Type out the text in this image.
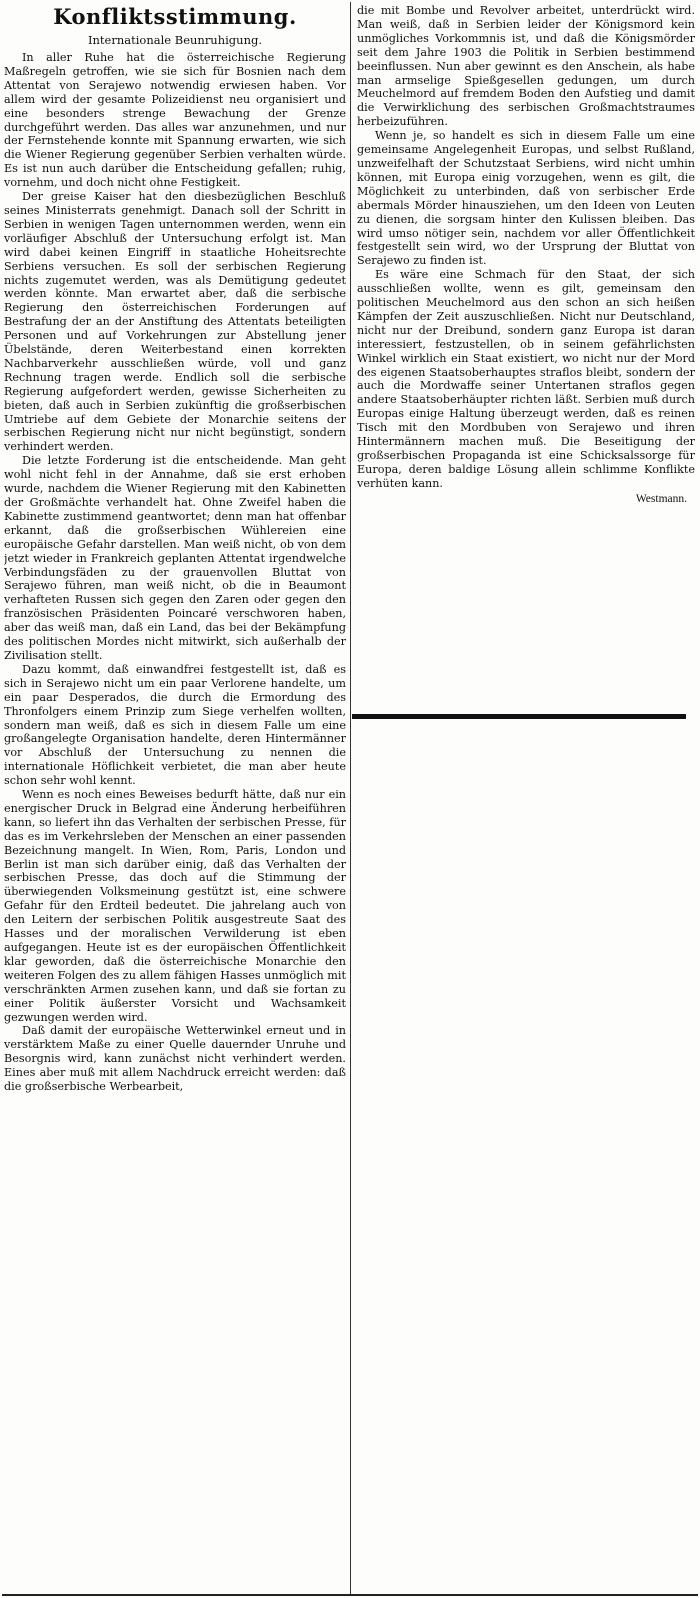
Konfliktsstimmung.
Internationale Beunruhigung.

In aller Ruhe hat die österreichische Regierung Maßregeln getroffen, wie sie sich für Bosnien nach dem Attentat von Serajewo notwendig erwiesen haben. Vor allem wird der gesamte Polizeidienst neu organisiert und eine besonders strenge Bewachung der Grenze durchgeführt werden. Das alles war anzunehmen, und nur der Fernstehende konnte mit Spannung erwarten, wie sich die Wiener Regierung gegenüber Serbien verhalten würde. Es ist nun auch darüber die Entscheidung gefallen; ruhig, vornehm, und doch nicht ohne Festigkeit.

Der greise Kaiser hat den diesbezüglichen Beschluß seines Ministerrats genehmigt. Danach soll der Schritt in Serbien in wenigen Tagen unternommen werden, wenn ein vorläufiger Abschluß der Untersuchung erfolgt ist. Man wird dabei keinen Eingriff in staatliche Hoheitsrechte Serbiens versuchen. Es soll der serbischen Regierung nichts zugemutet werden, was als Demütigung gedeutet werden könnte. Man erwartet aber, daß die serbische Regierung den österreichischen Forderungen auf Bestrafung der an der Anstiftung des Attentats beteiligten Personen und auf Vorkehrungen zur Abstellung jener Übelstände, deren Weiterbestand einen korrekten Nachbarverkehr ausschließen würde, voll und ganz Rechnung tragen werde. Endlich soll die serbische Regierung aufgefordert werden, gewisse Sicherheiten zu bieten, daß auch in Serbien zukünftig die großserbischen Umtriebe auf dem Gebiete der Monarchie seitens der serbischen Regierung nicht nur nicht begünstigt, sondern verhindert werden.

Die letzte Forderung ist die entscheidende. Man geht wohl nicht fehl in der Annahme, daß sie erst erhoben wurde, nachdem die Wiener Regierung mit den Kabinetten der Großmächte verhandelt hat. Ohne Zweifel haben die Kabinette zustimmend geantwortet; denn man hat offenbar erkannt, daß die großserbischen Wühlereien eine europäische Gefahr darstellen. Man weiß nicht, ob von dem jetzt wieder in Frankreich geplanten Attentat irgendwelche Verbindungsfäden zu der grauenvollen Bluttat von Serajewo führen, man weiß nicht, ob die in Beaumont verhafteten Russen sich gegen den Zaren oder gegen den französischen Präsidenten Poincaré verschworen haben, aber das weiß man, daß ein Land, das bei der Bekämpfung des politischen Mordes nicht mitwirkt, sich außerhalb der Zivilisation stellt.

Dazu kommt, daß einwandfrei festgestellt ist, daß es sich in Serajewo nicht um ein paar Verlorene handelte, um ein paar Desperados, die durch die Ermordung des Thronfolgers einem Prinzip zum Siege verhelfen wollten, sondern man weiß, daß es sich in diesem Falle um eine großangelegte Organisation handelte, deren Hintermänner vor Abschluß der Untersuchung zu nennen die internationale Höflichkeit verbietet, die man aber heute schon sehr wohl kennt.

Wenn es noch eines Beweises bedurft hätte, daß nur ein energischer Druck in Belgrad eine Änderung herbeiführen kann, so liefert ihn das Verhalten der serbischen Presse, für das es im Verkehrsleben der Menschen an einer passenden Bezeichnung mangelt. In Wien, Rom, Paris, London und Berlin ist man sich darüber einig, daß das Verhalten der serbischen Presse, das doch auf die Stimmung der überwiegenden Volksmeinung gestützt ist, eine schwere Gefahr für den Erdteil bedeutet. Die jahrelang auch von den Leitern der serbischen Politik ausgestreute Saat des Hasses und der moralischen Verwilderung ist eben aufgegangen. Heute ist es der europäischen Öffentlichkeit klar geworden, daß die österreichische Monarchie den weiteren Folgen des zu allem fähigen Hasses unmöglich mit verschränkten Armen zusehen kann, und daß sie fortan zu einer Politik äußerster Vorsicht und Wachsamkeit gezwungen werden wird.

Daß damit der europäische Wetterwinkel erneut und in verstärktem Maße zu einer Quelle dauernder Unruhe und Besorgnis wird, kann zunächst nicht verhindert werden. Eines aber muß mit allem Nachdruck erreicht werden: daß die großserbische Werbearbeit,

die mit Bombe und Revolver arbeitet, unterdrückt wird. Man weiß, daß in Serbien leider der Königsmord kein unmögliches Vorkommnis ist, und daß die Königsmörder seit dem Jahre 1903 die Politik in Serbien bestimmend beeinflussen. Nun aber gewinnt es den Anschein, als habe man armselige Spießgesellen gedungen, um durch Meuchelmord auf fremdem Boden den Aufstieg und damit die Verwirklichung des serbischen Großmachtstraumes herbeizuführen.

Wenn je, so handelt es sich in diesem Falle um eine gemeinsame Angelegenheit Europas, und selbst Rußland, unzweifelhaft der Schutzstaat Serbiens, wird nicht umhin können, mit Europa einig vorzugehen, wenn es gilt, die Möglichkeit zu unterbinden, daß von serbischer Erde abermals Mörder hinausziehen, um den Ideen von Leuten zu dienen, die sorgsam hinter den Kulissen bleiben. Das wird umso nötiger sein, nachdem vor aller Öffentlichkeit festgestellt sein wird, wo der Ursprung der Bluttat von Serajewo zu finden ist.

Es wäre eine Schmach für den Staat, der sich ausschließen wollte, wenn es gilt, gemeinsam den politischen Meuchelmord aus den schon an sich heißen Kämpfen der Zeit auszuschließen. Nicht nur Deutschland, nicht nur der Dreibund, sondern ganz Europa ist daran interessiert, festzustellen, ob in seinem gefährlichsten Winkel wirklich ein Staat existiert, wo nicht nur der Mord des eigenen Staatsoberhauptes straflos bleibt, sondern der auch die Mordwaffe seiner Untertanen straflos gegen andere Staatsoberhäupter richten läßt. Serbien muß durch Europas einige Haltung überzeugt werden, daß es reinen Tisch mit den Mordbuben von Serajewo und ihren Hintermännern machen muß. Die Beseitigung der großserbischen Propaganda ist eine Schicksalssorge für Europa, deren baldige Lösung allein schlimme Konflikte verhüten kann.

Westmann.
